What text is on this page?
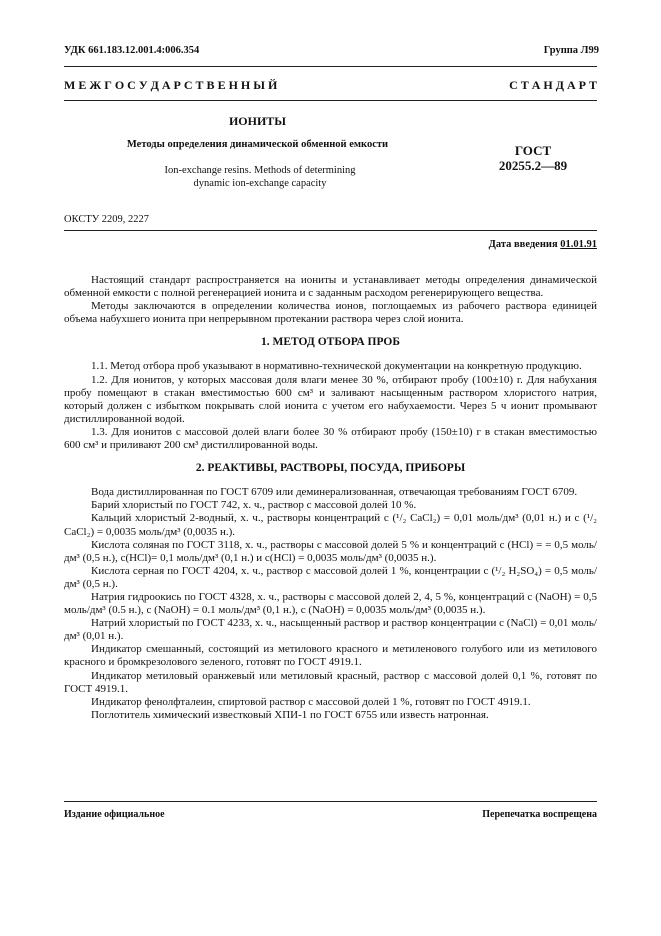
УДК 661.183.12.001.4:006.354	Группа Л99
М Е Ж Г О С У Д А Р С Т В Е Н Н Ы Й	С Т А Н Д А Р Т
ИОНИТЫ
Методы определения динамической обменной емкости
Ion-exchange resins. Methods of determining
dynamic ion-exchange capacity
ГОСТ
20255.2—89
ОКСТУ 2209, 2227
Дата введения 01.01.91

Настоящий стандарт распространяется на иониты и устанавливает методы определения динамической обменной емкости с полной регенерацией ионита и с заданным расходом регенерирующего вещества.

Методы заключаются в определении количества ионов, поглощаемых из рабочего раствора единицей объема набухшего ионита при непрерывном протекании раствора через слой ионита.

1. МЕТОД ОТБОРА ПРОБ

1.1. Метод отбора проб указывают в нормативно-технической документации на конкретную продукцию.

1.2. Для ионитов, у которых массовая доля влаги менее 30 %, отбирают пробу (100±10) г. Для набухания пробу помещают в стакан вместимостью 600 см³ и заливают насыщенным раствором хлористого натрия, который должен с избытком покрывать слой ионита с учетом его набухаемости. Через 5 ч ионит промывают дистиллированной водой.

1.3. Для ионитов с массовой долей влаги более 30 % отбирают пробу (150±10) г в стакан вместимостью 600 см³ и приливают 200 см³ дистиллированной воды.

2. РЕАКТИВЫ, РАСТВОРЫ, ПОСУДА, ПРИБОРЫ

Вода дистиллированная по ГОСТ 6709 или деминерализованная, отвечающая требованиям ГОСТ 6709.

Барий хлористый по ГОСТ 742, х. ч., раствор с массовой долей 10 %.

Кальций хлористый 2-водный, х. ч., растворы концентраций c (¹/₂ CaCl₂) = 0,01 моль/дм³ (0,01 н.) и c (¹/₂ CaCl₂) = 0,0035 моль/дм³ (0,0035 н.).

Кислота соляная по ГОСТ 3118, х. ч., растворы с массовой долей 5 % и концентраций c (HCl) = = 0,5 моль/дм³ (0,5 н.), c(HCl)= 0,1 моль/дм³ (0,1 н.) и c(HCl) = 0,0035 моль/дм³ (0,0035 н.).

Кислота серная по ГОСТ 4204, х. ч., раствор с массовой долей 1 %, концентрации c (¹/₂ H₂SO₄) = 0,5 моль/дм³ (0,5 н.).

Натрия гидроокись по ГОСТ 4328, х. ч., растворы с массовой долей 2, 4, 5 %, концентраций c (NaOH) = 0,5 моль/дм³ (0.5 н.), c (NaOH) = 0.1 моль/дм³ (0,1 н.), c (NaOH) = 0,0035 моль/дм³ (0,0035 н.).

Натрий хлористый по ГОСТ 4233, х. ч., насыщенный раствор и раствор концентрации c (NaCl) = 0,01 моль/дм³ (0,01 н.).

Индикатор смешанный, состоящий из метилового красного и метиленового голубого или из метилового красного и бромкрезолового зеленого, готовят по ГОСТ 4919.1.

Индикатор метиловый оранжевый или метиловый красный, раствор с массовой долей 0,1 %, готовят по ГОСТ 4919.1.

Индикатор фенолфталеин, спиртовой раствор с массовой долей 1 %, готовят по ГОСТ 4919.1.

Поглотитель химический известковый ХПИ-1 по ГОСТ 6755 или известь натронная.

Издание официальное	Перепечатка воспрещена
